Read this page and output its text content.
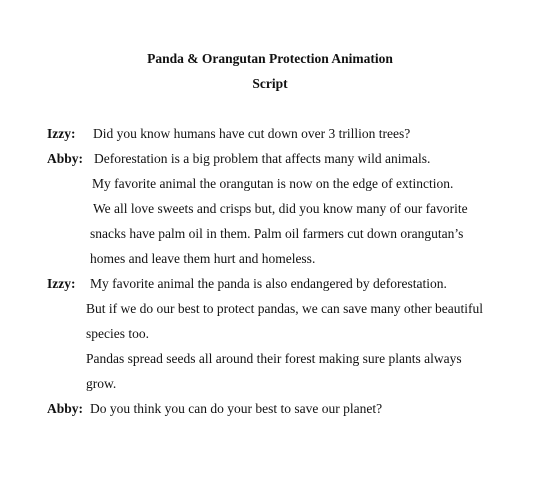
Panda & Orangutan Protection Animation
Script
Izzy: Did you know humans have cut down over 3 trillion trees?
Abby: Deforestation is a big problem that affects many wild animals.
My favorite animal the orangutan is now on the edge of extinction.
We all love sweets and crisps but, did you know many of our favorite
snacks have palm oil in them. Palm oil farmers cut down orangutan’s
homes and leave them hurt and homeless.
Izzy: My favorite animal the panda is also endangered by deforestation.
But if we do our best to protect pandas, we can save many other beautiful
species too.
Pandas spread seeds all around their forest making sure plants always
grow.
Abby: Do you think you can do your best to save our planet?
